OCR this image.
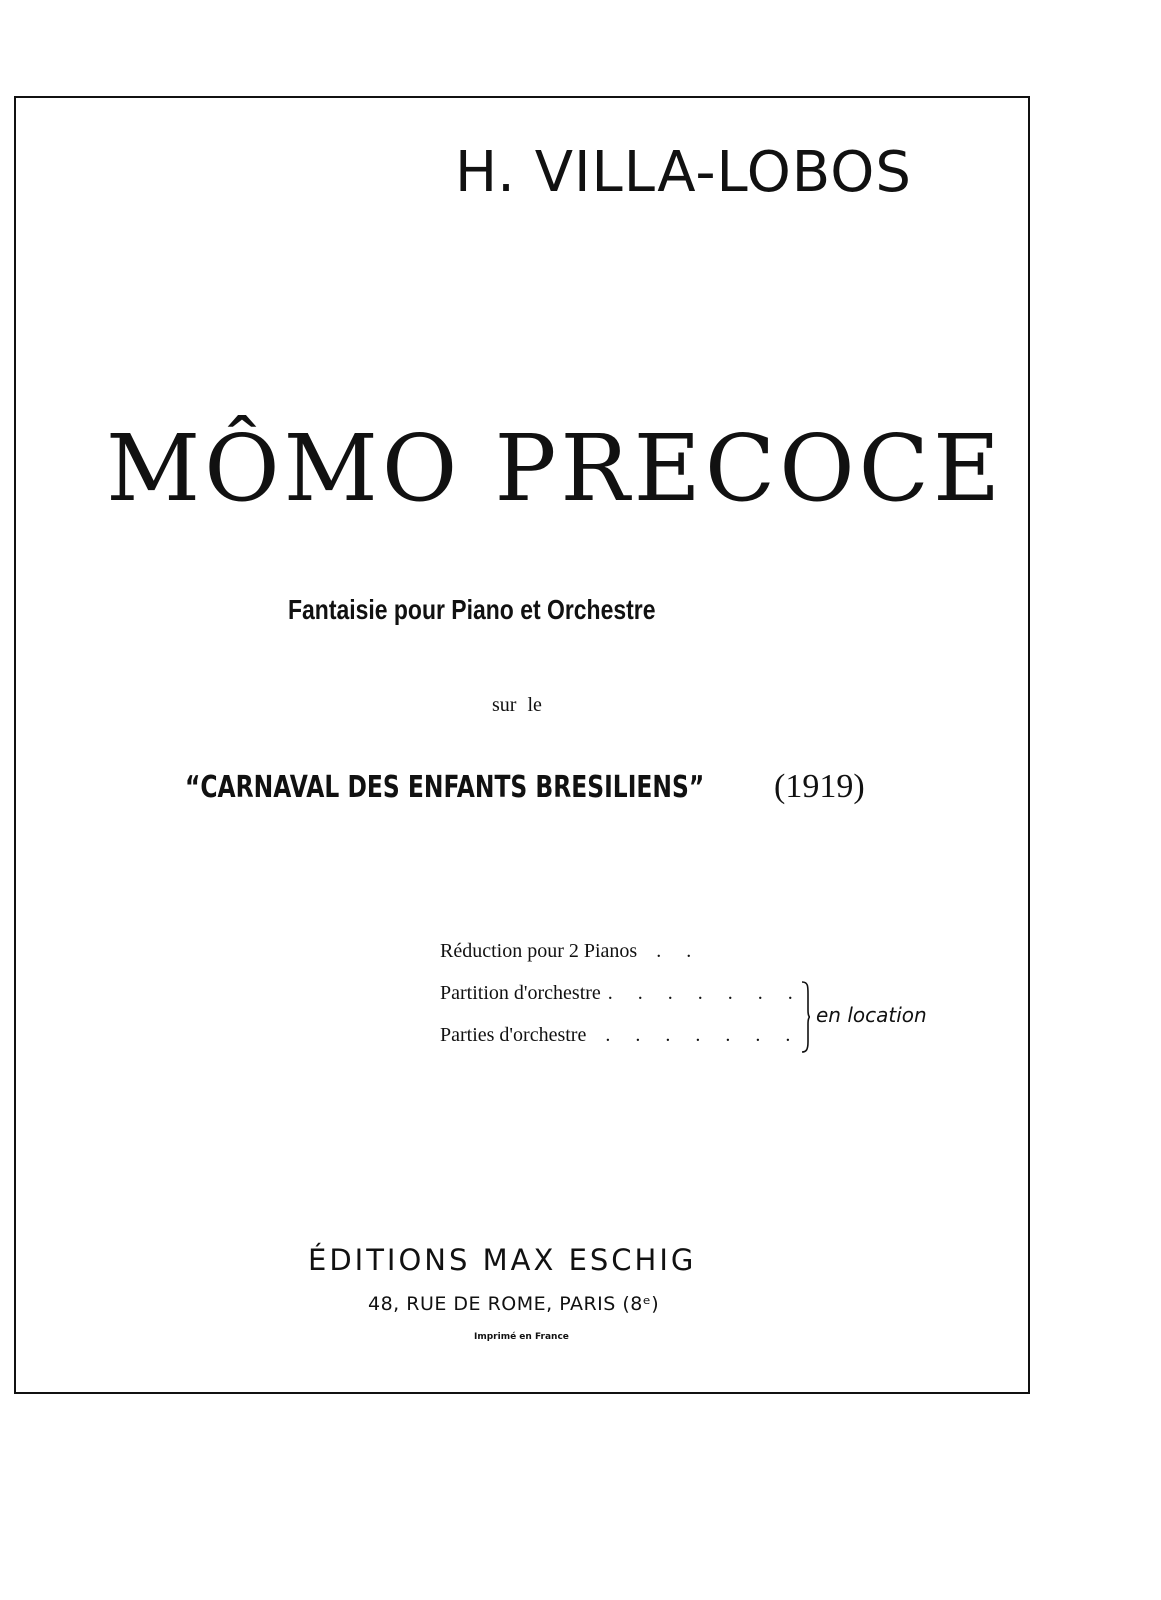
H. VILLA-LOBOS
MÔMO PRECOCE
Fantaisie pour Piano et Orchestre
sur le
“CARNAVAL DES ENFANTS BRESILIENS” (1919)
Réduction pour 2 Pianos . .
Partition d'orchestre . . . . . . .
Parties d'orchestre . . . . . . .
en location
ÉDITIONS MAX ESCHIG
48, RUE DE ROME, PARIS (8ᵉ)
Imprimé en France
